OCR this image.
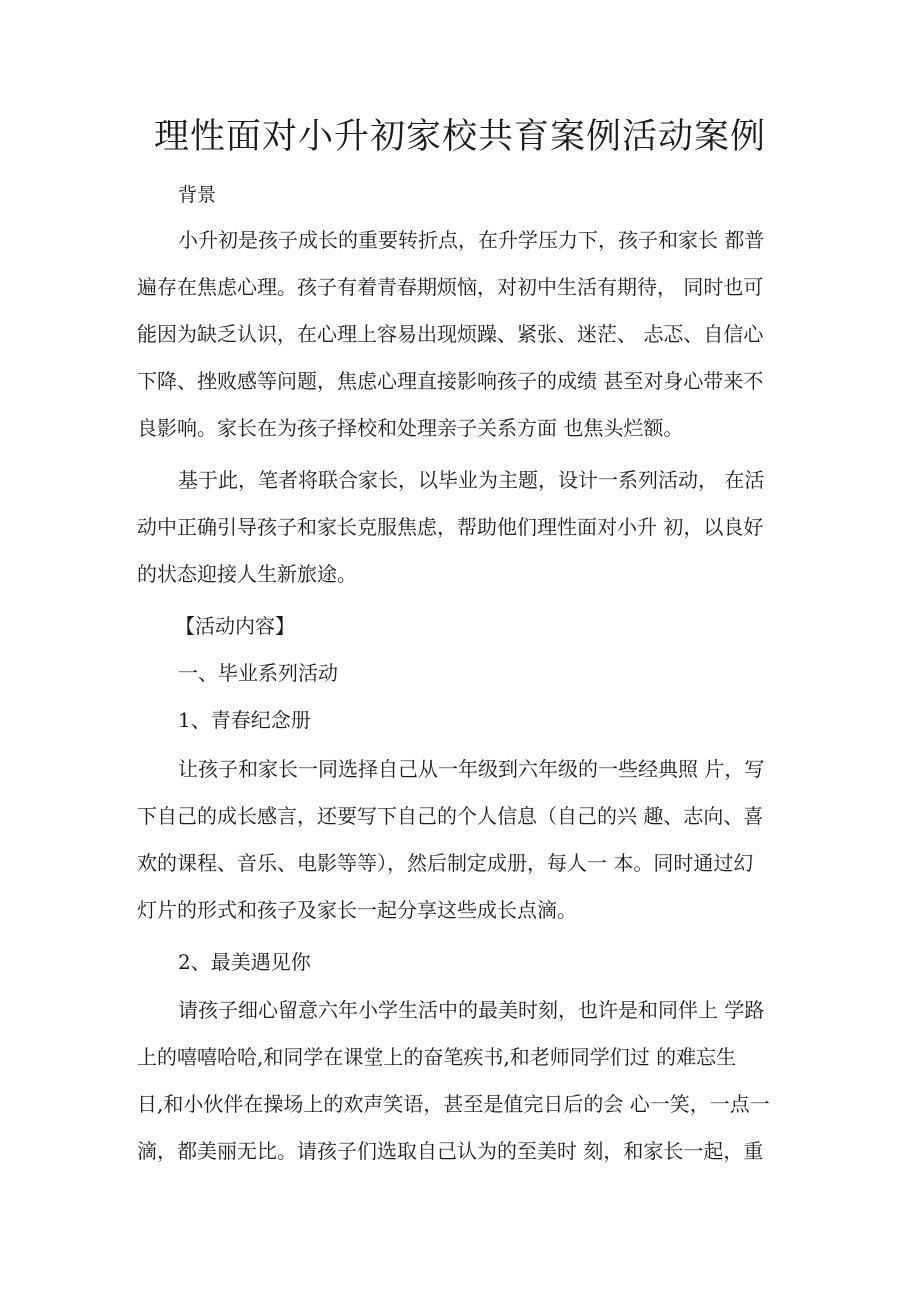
理性面对小升初家校共育案例活动案例

背景

小升初是孩子成长的重要转折点，在升学压力下，孩子和家长 都普
遍存在焦虑心理。孩子有着青春期烦恼，对初中生活有期待， 同时也可
能因为缺乏认识，在心理上容易出现烦躁、紧张、迷茫、 忐忑、自信心
下降、挫败感等问题，焦虑心理直接影响孩子的成绩 甚至对身心带来不
良影响。家长在为孩子择校和处理亲子关系方面 也焦头烂额。

基于此，笔者将联合家长，以毕业为主题，设计一系列活动， 在活
动中正确引导孩子和家长克服焦虑，帮助他们理性面对小升 初，以良好
的状态迎接人生新旅途。

【活动内容】

一、毕业系列活动

1、青春纪念册

让孩子和家长一同选择自己从一年级到六年级的一些经典照 片，写
下自己的成长感言，还要写下自己的个人信息（自己的兴 趣、志向、喜
欢的课程、音乐、电影等等），然后制定成册，每人一 本。同时通过幻
灯片的形式和孩子及家长一起分享这些成长点滴。

2、最美遇见你

请孩子细心留意六年小学生活中的最美时刻，也许是和同伴上 学路
上的嘻嘻哈哈,和同学在课堂上的奋笔疾书,和老师同学们过 的难忘生
日,和小伙伴在操场上的欢声笑语，甚至是值完日后的会 心一笑，一点一
滴，都美丽无比。请孩子们选取自己认为的至美时 刻，和家长一起，重
